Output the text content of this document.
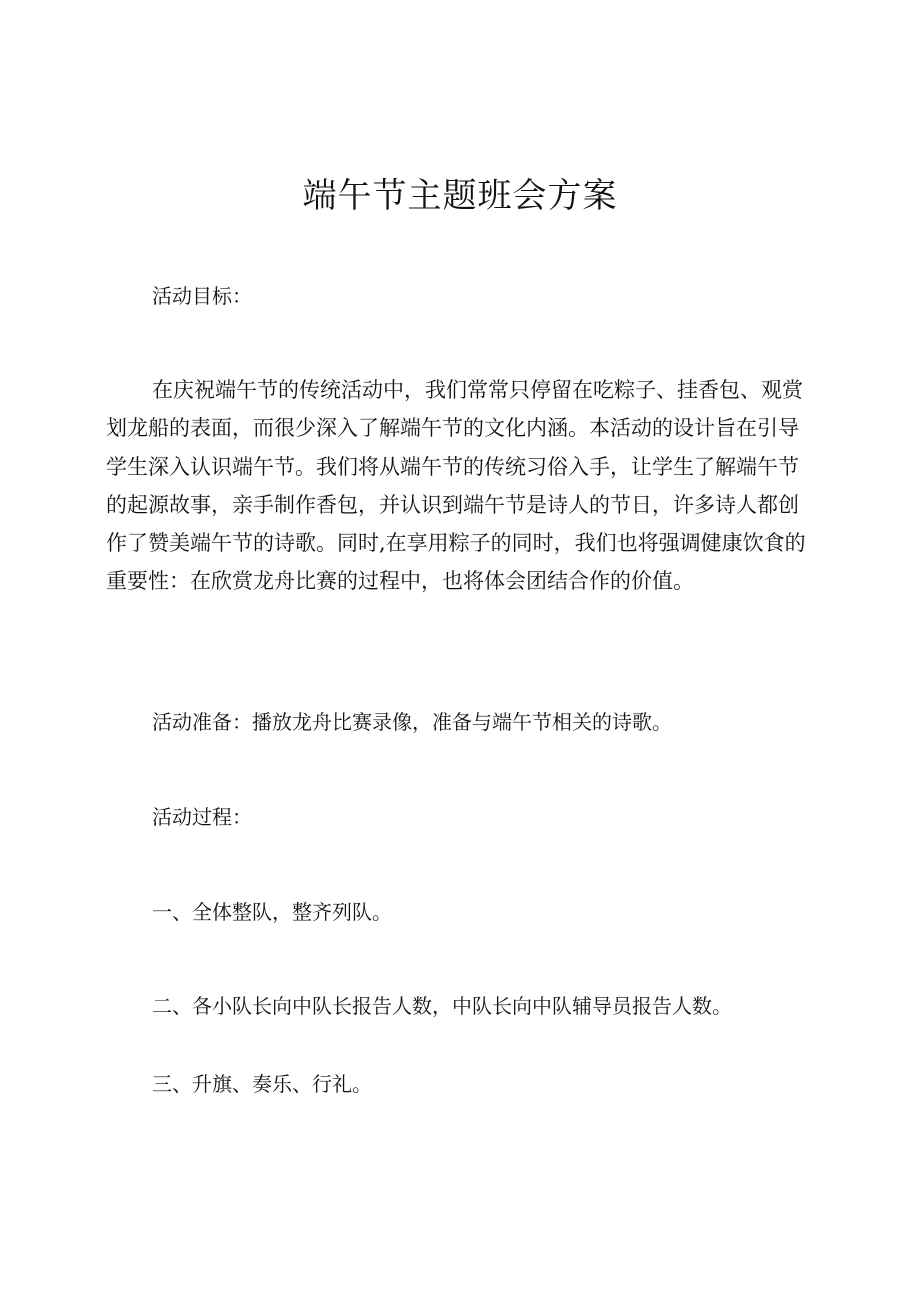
端午节主题班会方案
活动目标：
在庆祝端午节的传统活动中，我们常常只停留在吃粽子、挂香包、观赏
划龙船的表面，而很少深入了解端午节的文化内涵。本活动的设计旨在引导
学生深入认识端午节。我们将从端午节的传统习俗入手，让学生了解端午节
的起源故事，亲手制作香包，并认识到端午节是诗人的节日，许多诗人都创
作了赞美端午节的诗歌。同时,在享用粽子的同时，我们也将强调健康饮食的
重要性：在欣赏龙舟比赛的过程中，也将体会团结合作的价值。
活动准备：播放龙舟比赛录像，准备与端午节相关的诗歌。
活动过程：
一、全体整队，整齐列队。
二、各小队长向中队长报告人数，中队长向中队辅导员报告人数。
三、升旗、奏乐、行礼。
